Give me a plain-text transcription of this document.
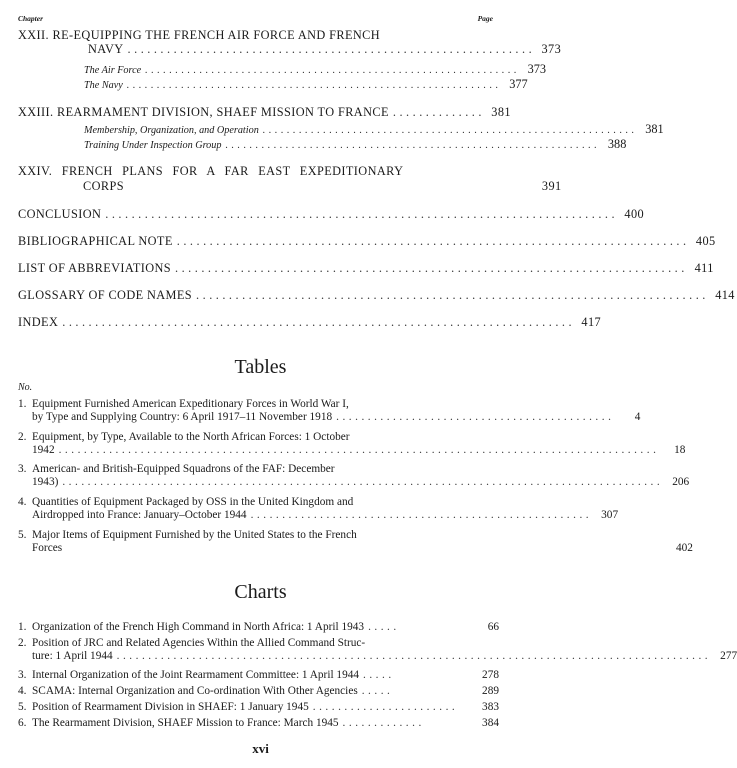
Chapter	Page
XXII. RE-EQUIPPING THE FRENCH AIR FORCE AND FRENCH
NAVY .............................................................. 373
The Air Force .............................................................. 373
The Navy .............................................................. 377
XXIII. REARMAMENT DIVISION, SHAEF MISSION TO FRANCE .............. 381
Membership, Organization, and Operation .............................................................. 381
Training Under Inspection Group .............................................................. 388
XXIV. FRENCH PLANS FOR A FAR EAST EXPEDITIONARY
CORPS	391
CONCLUSION .............................................................................. 400
BIBLIOGRAPHICAL NOTE .............................................................................. 405
LIST OF ABBREVIATIONS .............................................................................. 411
GLOSSARY OF CODE NAMES .............................................................................. 414
INDEX .............................................................................. 417
Tables
No.
1. Equipment Furnished American Expeditionary Forces in World War I,
by Type and Supplying Country: 6 April 1917–11 November 1918 ............................................	4
2. Equipment, by Type, Available to the North African Forces: 1 October
1942 ...............................................................................................	18
3. American- and British-Equipped Squadrons of the FAF: December
1943) ............................................................................................... 206
4. Quantities of Equipment Packaged by OSS in the United Kingdom and
Airdropped into France: January–October 1944 ...................................................... 307
5. Major Items of Equipment Furnished by the United States to the French
Forces	402
Charts
1. Organization of the French High Command in North Africa: 1 April 1943 .....	66
2. Position of JRC and Related Agencies Within the Allied Command Struc-
ture: 1 April 1944 .............................................................................................. 277
3. Internal Organization of the Joint Rearmament Committee: 1 April 1944 .....	278
4. SCAMA: Internal Organization and Co-ordination With Other Agencies .....	289
5. Position of Rearmament Division in SHAEF: 1 January 1945 .......................	383
6. The Rearmament Division, SHAEF Mission to France: March 1945 .............	384
xvi
